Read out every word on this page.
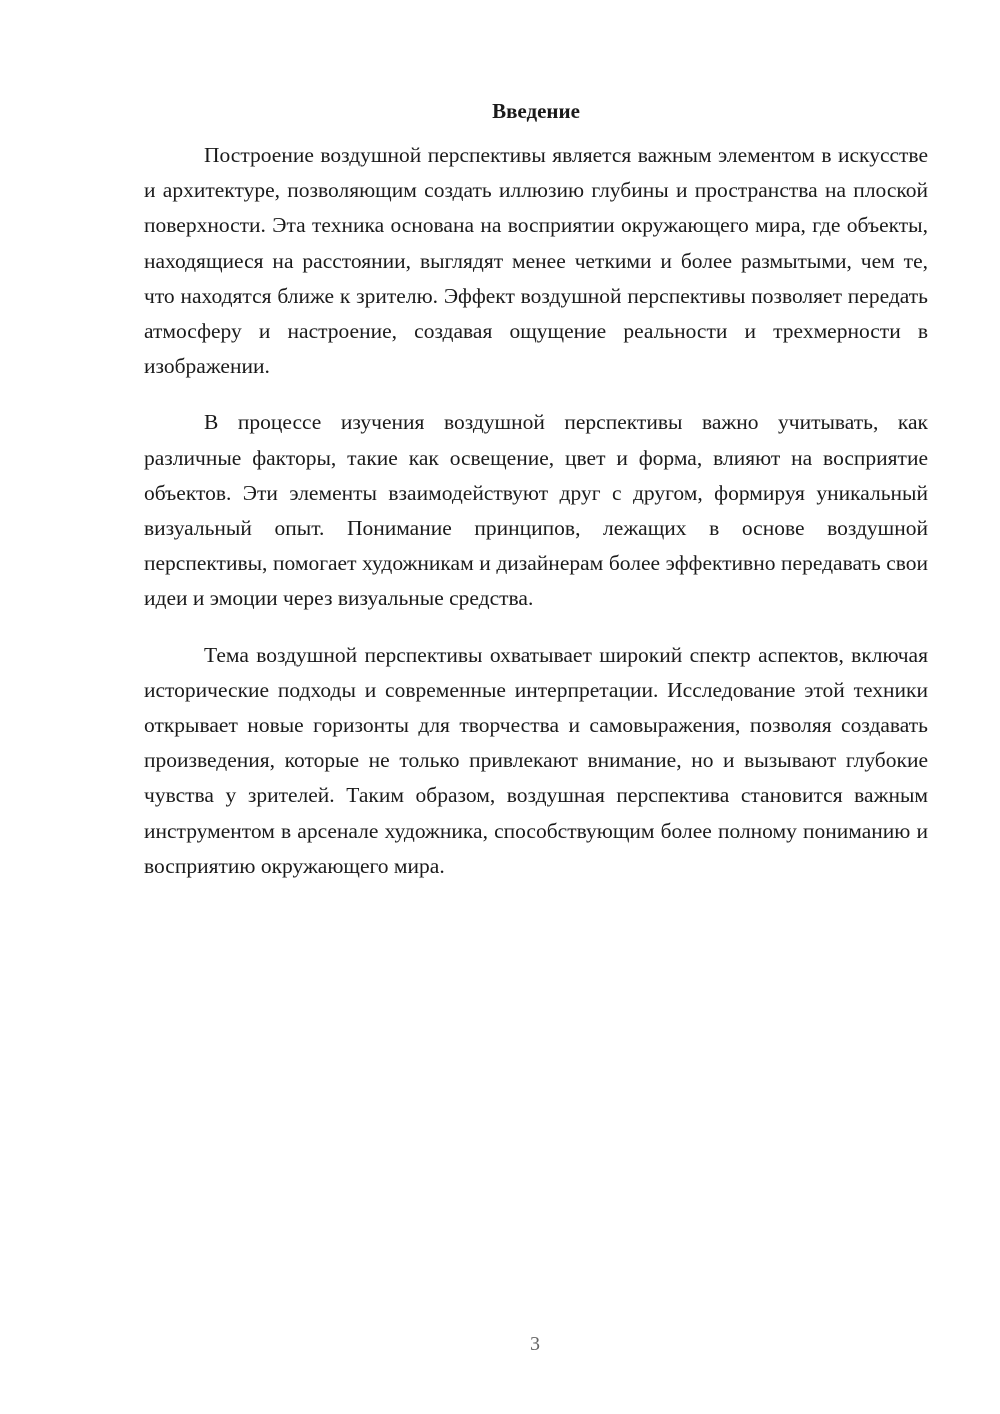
Введение

Построение воздушной перспективы является важным элементом в искусстве и архитектуре, позволяющим создать иллюзию глубины и пространства на плоской поверхности. Эта техника основана на восприятии окружающего мира, где объекты, находящиеся на расстоянии, выглядят менее четкими и более размытыми, чем те, что находятся ближе к зрителю. Эффект воздушной перспективы позволяет передать атмосферу и настроение, создавая ощущение реальности и трехмерности в изображении.

В процессе изучения воздушной перспективы важно учитывать, как различные факторы, такие как освещение, цвет и форма, влияют на восприятие объектов. Эти элементы взаимодействуют друг с другом, формируя уникальный визуальный опыт. Понимание принципов, лежащих в основе воздушной перспективы, помогает художникам и дизайнерам более эффективно передавать свои идеи и эмоции через визуальные средства.

Тема воздушной перспективы охватывает широкий спектр аспектов, включая исторические подходы и современные интерпретации. Исследование этой техники открывает новые горизонты для творчества и самовыражения, позволяя создавать произведения, которые не только привлекают внимание, но и вызывают глубокие чувства у зрителей. Таким образом, воздушная перспектива становится важным инструментом в арсенале художника, способствующим более полному пониманию и восприятию окружающего мира.

3
